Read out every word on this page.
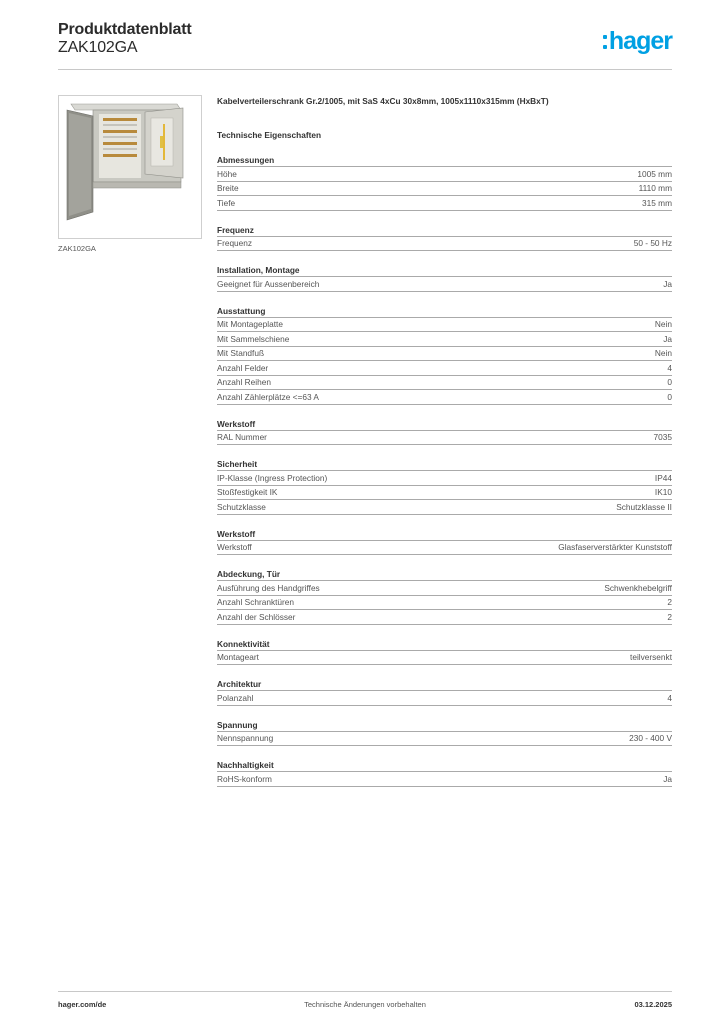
Produktdatenblatt
ZAK102GA	hager
ZAK102GA
Kabelverteilerschrank Gr.2/1005, mit SaS 4xCu 30x8mm, 1005x1110x315mm (HxBxT)
Technische Eigenschaften
Abmessungen
Höhe	1005 mm
Breite	1110 mm
Tiefe	315 mm
Frequenz
Frequenz	50 - 50 Hz
Installation, Montage
Geeignet für Aussenbereich	Ja
Ausstattung
Mit Montageplatte	Nein
Mit Sammelschiene	Ja
Mit Standfuß	Nein
Anzahl Felder	4
Anzahl Reihen	0
Anzahl Zählerplätze <=63 A	0
Werkstoff
RAL Nummer	7035
Sicherheit
IP-Klasse (Ingress Protection)	IP44
Stoßfestigkeit IK	IK10
Schutzklasse	Schutzklasse II
Werkstoff
Werkstoff	Glasfaserverstärkter Kunststoff
Abdeckung, Tür
Ausführung des Handgriffes	Schwenkhebelgriff
Anzahl Schranktüren	2
Anzahl der Schlösser	2
Konnektivität
Montageart	teilversenkt
Architektur
Polanzahl	4
Spannung
Nennspannung	230 - 400 V
Nachhaltigkeit
RoHS-konform	Ja
hager.com/de	Technische Änderungen vorbehalten	03.12.2025
